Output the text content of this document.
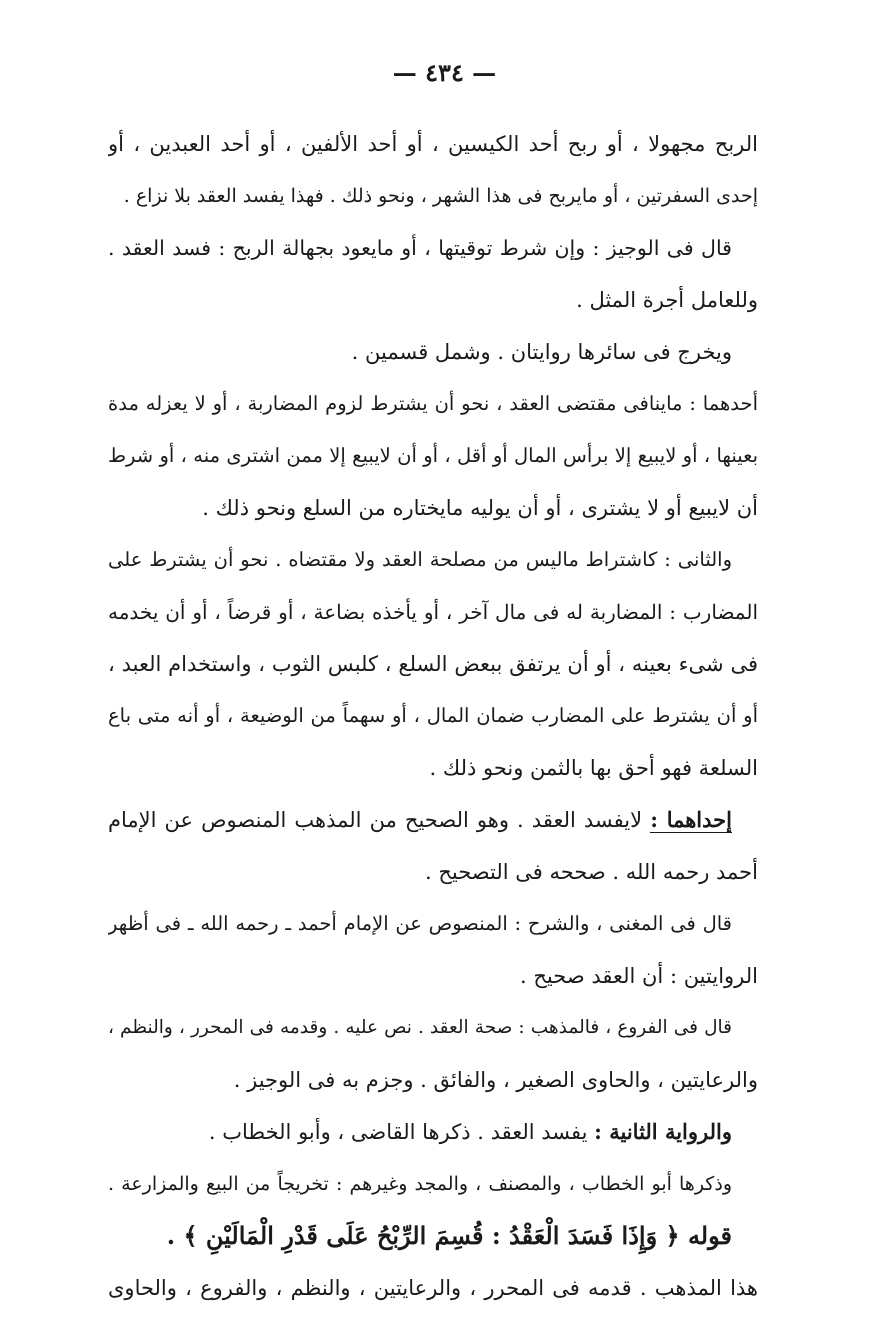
— ٤٣٤ —
الربح مجهولا ، أو ربح أحد الكيسين ، أو أحد الألفين ، أو أحد العبدين ، أو
إحدى السفرتين ، أو مايربح فى هذا الشهر ، ونحو ذلك . فهذا يفسد العقد بلا نزاع .
قال فى الوجيز : وإن شرط توقيتها ، أو مايعود بجهالة الربح : فسد العقد .
وللعامل أجرة المثل .
ويخرج فى سائرها روايتان . وشمل قسمين .
أحدهما : ماينافى مقتضى العقد ، نحو أن يشترط لزوم المضاربة ، أو لا يعزله مدة
بعينها ، أو لايبيع إلا برأس المال أو أقل ، أو أن لايبيع إلا ممن اشترى منه ، أو شرط
أن لايبيع أو لا يشترى ، أو أن يوليه مايختاره من السلع ونحو ذلك .
والثانى : كاشتراط ماليس من مصلحة العقد ولا مقتضاه . نحو أن يشترط على
المضارب : المضاربة له فى مال آخر ، أو يأخذه بضاعة ، أو قرضاً ، أو أن يخدمه
فى شىء بعينه ، أو أن يرتفق ببعض السلع ، كلبس الثوب ، واستخدام العبد ،
أو أن يشترط على المضارب ضمان المال ، أو سهماً من الوضيعة ، أو أنه متى باع
السلعة فهو أحق بها بالثمن ونحو ذلك .
إحداهما : لايفسد العقد . وهو الصحيح من المذهب المنصوص عن الإمام
أحمد رحمه الله . صححه فى التصحيح .
قال فى المغنى ، والشرح : المنصوص عن الإمام أحمد ـ رحمه الله ـ فى أظهر
الروايتين : أن العقد صحيح .
قال فى الفروع ، فالمذهب : صحة العقد . نص عليه . وقدمه فى المحرر ، والنظم ،
والرعايتين ، والحاوى الصغير ، والفائق . وجزم به فى الوجيز .
والرواية الثانية : يفسد العقد . ذكرها القاضى ، وأبو الخطاب .
وذكرها أبو الخطاب ، والمصنف ، والمجد وغيرهم : تخريجاً من البيع والمزارعة .
قوله ﴿ وَإِذَا فَسَدَ الْعَقْدُ : قُسِمَ الرِّبْحُ عَلَى قَدْرِ الْمَالَيْنِ ﴾ .
هذا المذهب . قدمه فى المحرر ، والرعايتين ، والنظم ، والفروع ، والحاوى
